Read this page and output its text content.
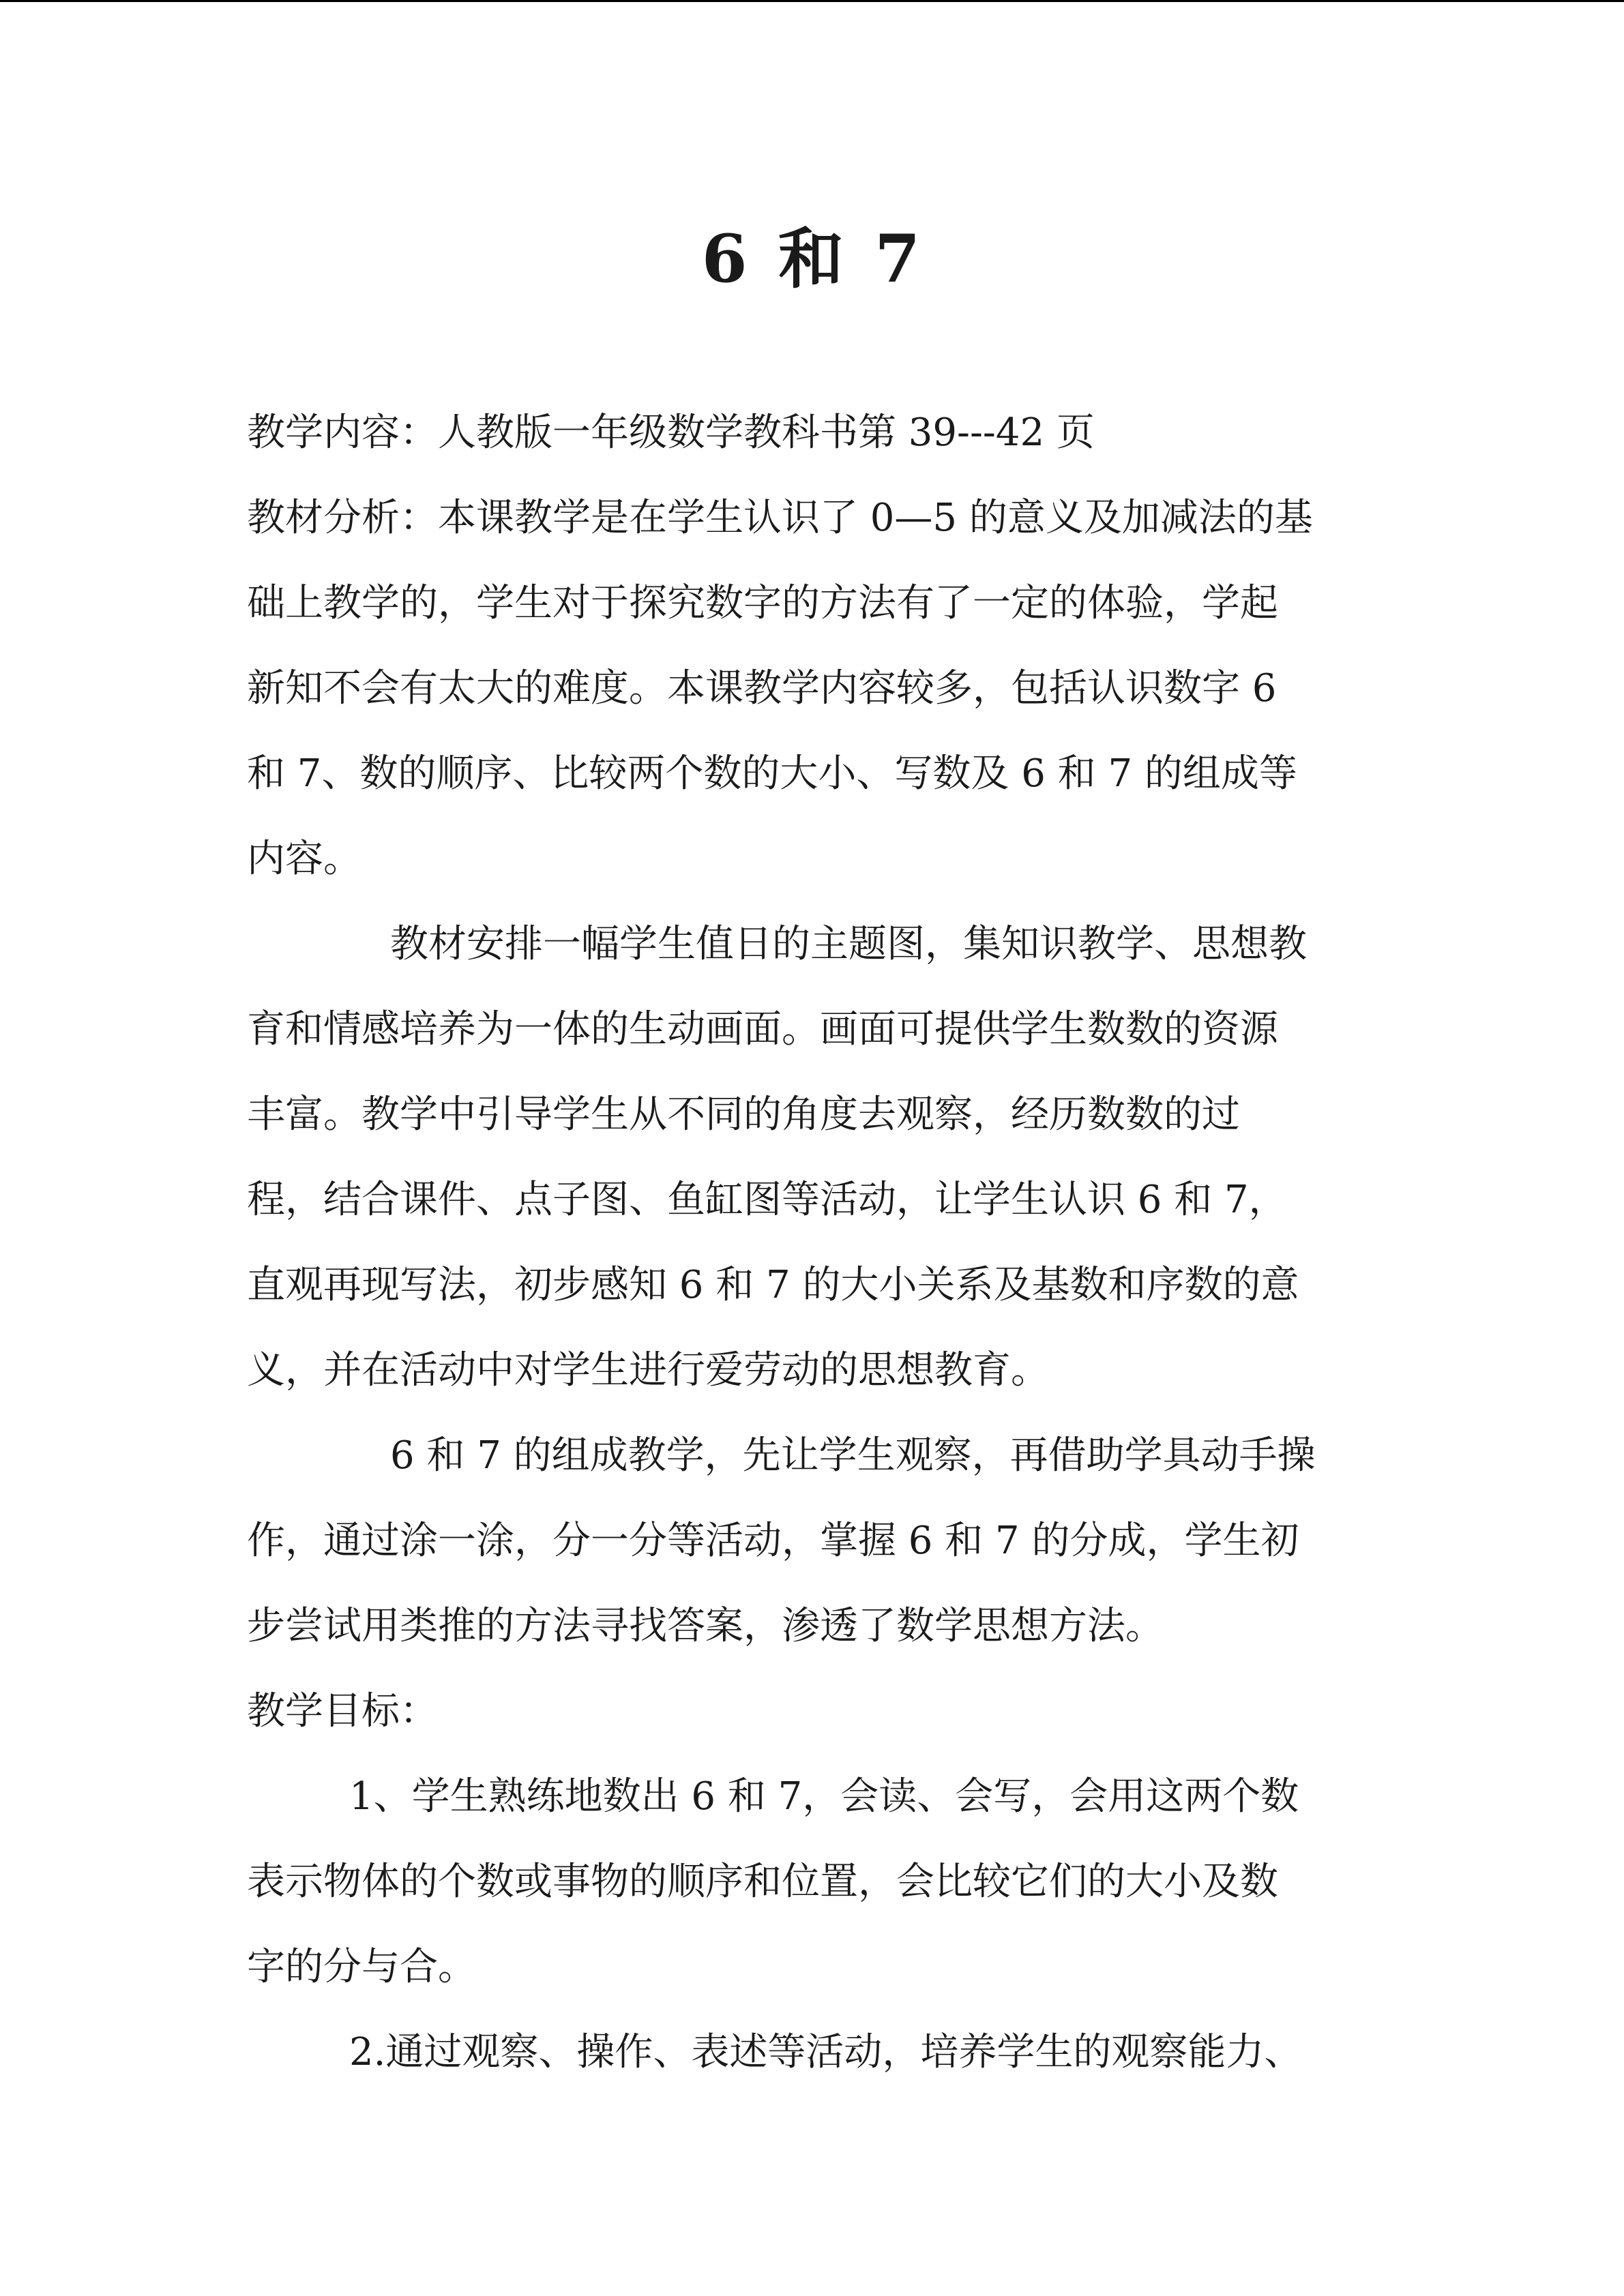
6 和 7
教学内容：人教版一年级数学教科书第 39---42 页
教材分析：本课教学是在学生认识了 0—5 的意义及加减法的基
础上教学的，学生对于探究数字的方法有了一定的体验，学起
新知不会有太大的难度。本课教学内容较多，包括认识数字 6
和 7、数的顺序、比较两个数的大小、写数及 6 和 7 的组成等
内容。
教材安排一幅学生值日的主题图，集知识教学、思想教
育和情感培养为一体的生动画面。画面可提供学生数数的资源
丰富。教学中引导学生从不同的角度去观察，经历数数的过
程，结合课件、点子图、鱼缸图等活动，让学生认识 6 和 7，
直观再现写法，初步感知 6 和 7 的大小关系及基数和序数的意
义，并在活动中对学生进行爱劳动的思想教育。
6 和 7 的组成教学，先让学生观察，再借助学具动手操
作，通过涂一涂，分一分等活动，掌握 6 和 7 的分成，学生初
步尝试用类推的方法寻找答案，渗透了数学思想方法。
教学目标：
1、学生熟练地数出 6 和 7，会读、会写，会用这两个数
表示物体的个数或事物的顺序和位置，会比较它们的大小及数
字的分与合。
2.通过观察、操作、表述等活动，培养学生的观察能力、
